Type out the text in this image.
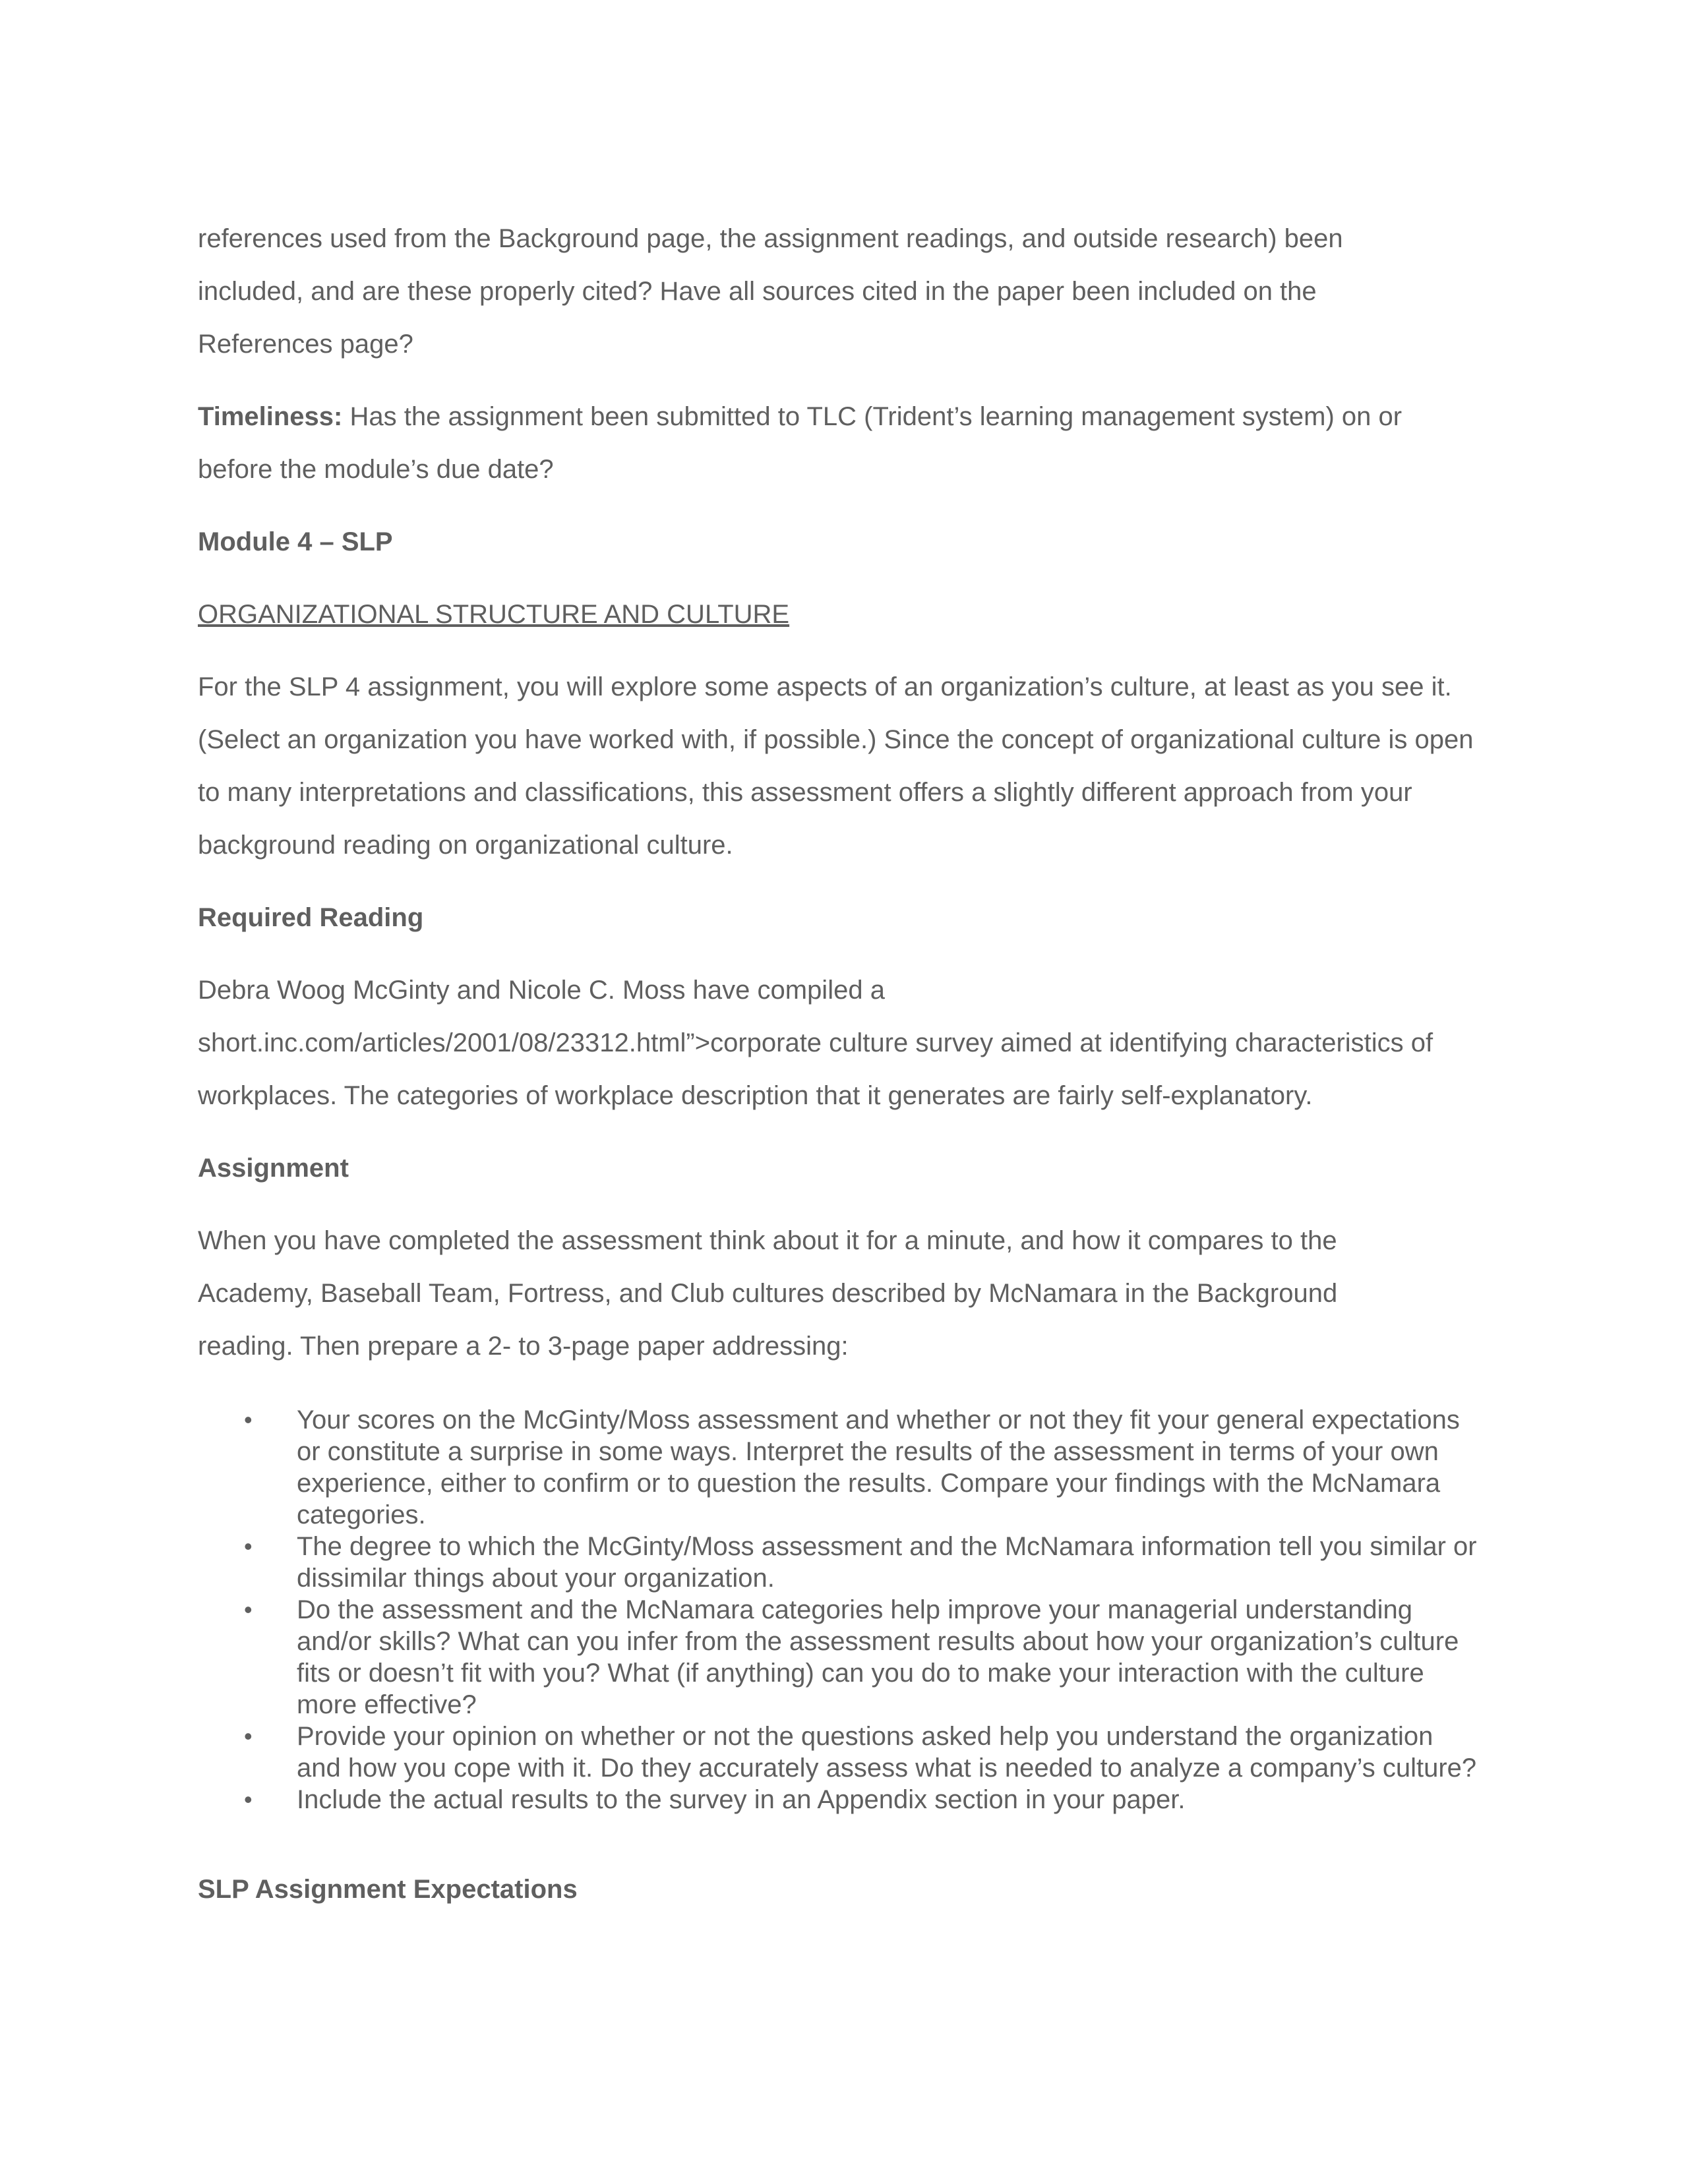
references used from the Background page, the assignment readings, and outside research) been included, and are these properly cited? Have all sources cited in the paper been included on the References page?

Timeliness: Has the assignment been submitted to TLC (Trident’s learning management system) on or before the module’s due date?

Module 4 – SLP

ORGANIZATIONAL STRUCTURE AND CULTURE

For the SLP 4 assignment, you will explore some aspects of an organization’s culture, at least as you see it. (Select an organization you have worked with, if possible.) Since the concept of organizational culture is open to many interpretations and classifications, this assessment offers a slightly different approach from your background reading on organizational culture.

Required Reading

Debra Woog McGinty and Nicole C. Moss have compiled a

short.inc.com/articles/2001/08/23312.html”>corporate culture survey aimed at identifying characteristics of workplaces. The categories of workplace description that it generates are fairly self-explanatory.

Assignment

When you have completed the assessment think about it for a minute, and how it compares to the Academy, Baseball Team, Fortress, and Club cultures described by McNamara in the Background reading. Then prepare a 2- to 3-page paper addressing:

• Your scores on the McGinty/Moss assessment and whether or not they fit your general expectations or constitute a surprise in some ways. Interpret the results of the assessment in terms of your own experience, either to confirm or to question the results. Compare your findings with the McNamara categories.
• The degree to which the McGinty/Moss assessment and the McNamara information tell you similar or dissimilar things about your organization.
• Do the assessment and the McNamara categories help improve your managerial understanding and/or skills? What can you infer from the assessment results about how your organization’s culture fits or doesn’t fit with you? What (if anything) can you do to make your interaction with the culture more effective?
• Provide your opinion on whether or not the questions asked help you understand the organization and how you cope with it. Do they accurately assess what is needed to analyze a company’s culture?
• Include the actual results to the survey in an Appendix section in your paper.

SLP Assignment Expectations
